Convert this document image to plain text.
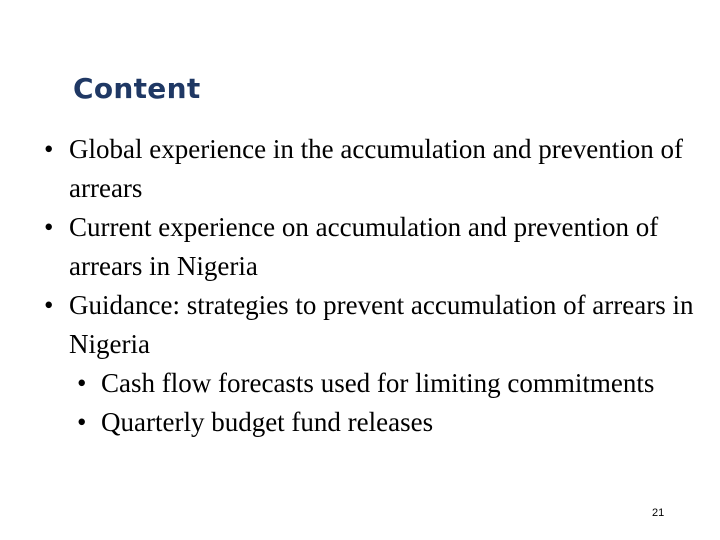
Content

• Global experience in the accumulation and prevention of arrears

• Current experience on accumulation and prevention of arrears in Nigeria

• Guidance: strategies to prevent accumulation of arrears in Nigeria

• Cash flow forecasts used for limiting commitments

• Quarterly budget fund releases

21
